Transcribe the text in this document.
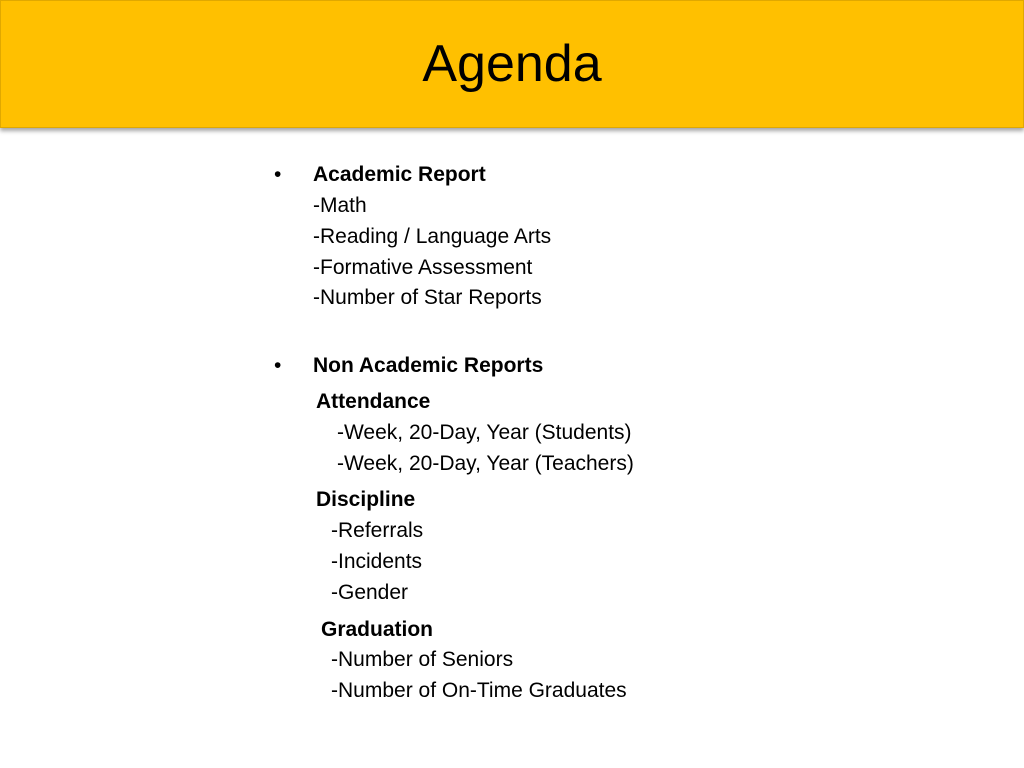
Agenda
• Academic Report
-Math
-Reading / Language Arts
-Formative Assessment
-Number of Star Reports
• Non Academic Reports
Attendance
-Week, 20-Day, Year (Students)
-Week, 20-Day, Year (Teachers)
Discipline
-Referrals
-Incidents
-Gender
Graduation
-Number of Seniors
-Number of On-Time Graduates
